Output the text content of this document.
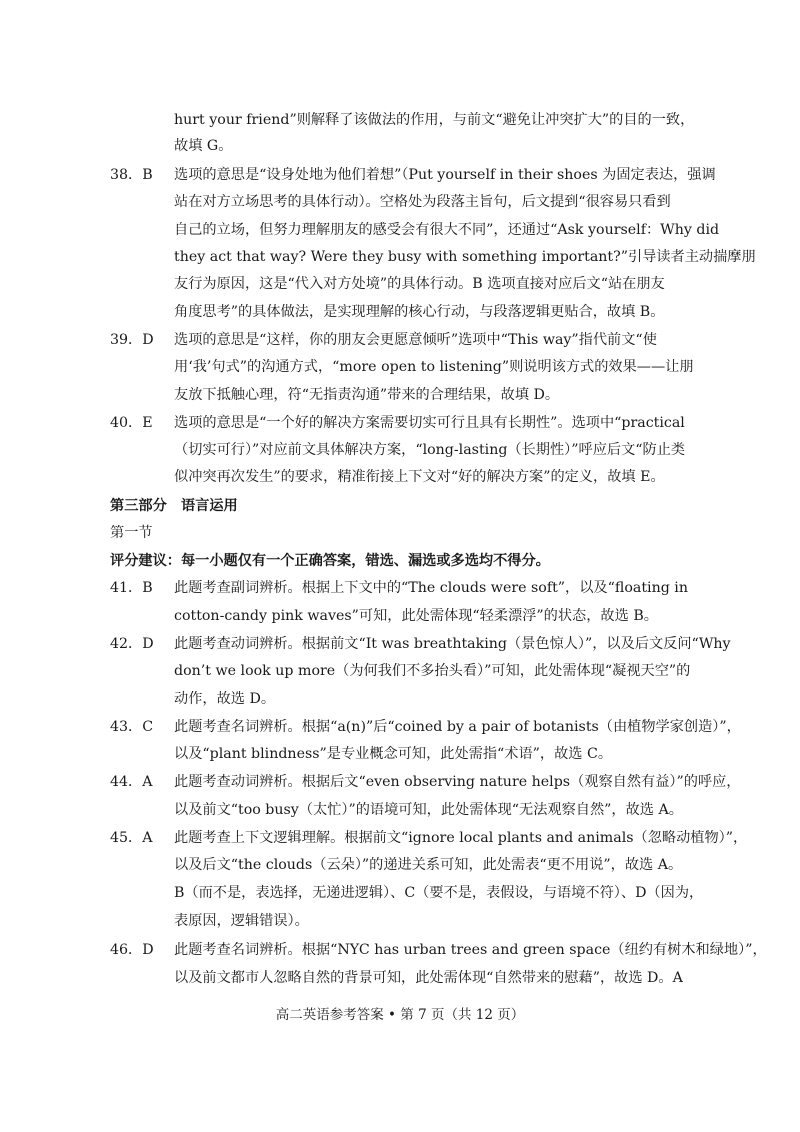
hurt your friend”则解释了该做法的作用，与前文“避免让冲突扩大”的目的一致，
故填 G。
38．B	选项的意思是“设身处地为他们着想”（Put yourself in their shoes 为固定表达，强调
站在对方立场思考的具体行动）。空格处为段落主旨句，后文提到“很容易只看到
自己的立场，但努力理解朋友的感受会有很大不同”，还通过“Ask yourself：Why did
they act that way? Were they busy with something important?”引导读者主动揣摩朋
友行为原因，这是“代入对方处境”的具体行动。B 选项直接对应后文“站在朋友
角度思考”的具体做法，是实现理解的核心行动，与段落逻辑更贴合，故填 B。
39．D	选项的意思是“这样，你的朋友会更愿意倾听”选项中“This way”指代前文“使
用‘我’句式”的沟通方式，“more open to listening”则说明该方式的效果——让朋
友放下抵触心理，符“无指责沟通”带来的合理结果，故填 D。
40．E	选项的意思是“一个好的解决方案需要切实可行且具有长期性”。选项中“practical
（切实可行）”对应前文具体解决方案，“long-lasting（长期性）”呼应后文“防止类
似冲突再次发生”的要求，精准衔接上下文对“好的解决方案”的定义，故填 E。
第三部分　语言运用
第一节
评分建议：每一小题仅有一个正确答案，错选、漏选或多选均不得分。
41．B	此题考查副词辨析。根据上下文中的“The clouds were soft”，以及“floating in
cotton-candy pink waves”可知，此处需体现“轻柔漂浮”的状态，故选 B。
42．D	此题考查动词辨析。根据前文“It was breathtaking（景色惊人）”，以及后文反问“Why
don’t we look up more（为何我们不多抬头看）”可知，此处需体现“凝视天空”的
动作，故选 D。
43．C	此题考查名词辨析。根据“a(n)”后“coined by a pair of botanists（由植物学家创造）”，
以及“plant blindness”是专业概念可知，此处需指“术语”，故选 C。
44．A	此题考查动词辨析。根据后文“even observing nature helps（观察自然有益）”的呼应，
以及前文“too busy（太忙）”的语境可知，此处需体现“无法观察自然”，故选 A。
45．A	此题考查上下文逻辑理解。根据前文“ignore local plants and animals（忽略动植物）”，
以及后文“the clouds（云朵）”的递进关系可知，此处需表“更不用说”，故选 A。
B（而不是，表选择，无递进逻辑）、C（要不是，表假设，与语境不符）、D（因为，
表原因，逻辑错误）。
46．D	此题考查名词辨析。根据“NYC has urban trees and green space（纽约有树木和绿地）”，
以及前文都市人忽略自然的背景可知，此处需体现“自然带来的慰藉”，故选 D。A
高二英语参考答案 • 第 7 页（共 12 页）
